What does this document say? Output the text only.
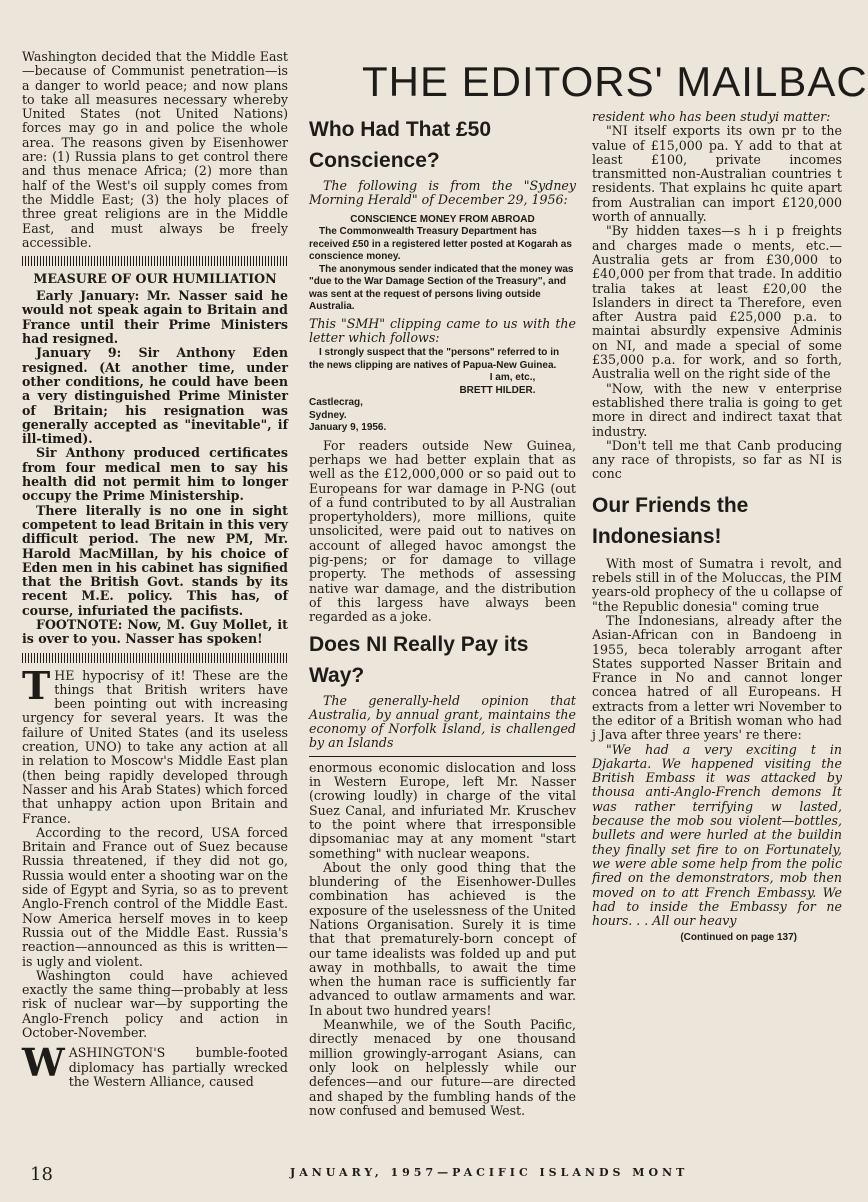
18
THE EDITORS' MAILBAC

Washington decided that the Middle East—because of Communist penetration—is a danger to world peace; and now plans to take all measures necessary whereby United States (not United Nations) forces may go in and police the whole area. The reasons given by Eisenhower are: (1) Russia plans to get control there and thus menace Africa; (2) more than half of the West's oil supply comes from the Middle East; (3) the holy places of three great religions are in the Middle East, and must always be freely accessible.

MEASURE OF OUR HUMILIATION

Early January: Mr. Nasser said he would not speak again to Britain and France until their Prime Ministers had resigned.

January 9: Sir Anthony Eden resigned. (At another time, under other conditions, he could have been a very distinguished Prime Minister of Britain; his resignation was generally accepted as "inevitable", if ill-timed).

Sir Anthony produced certificates from four medical men to say his health did not permit him to longer occupy the Prime Ministership.

There literally is no one in sight competent to lead Britain in this very difficult period. The new PM, Mr. Harold MacMillan, by his choice of Eden men in his cabinet has signified that the British Govt. stands by its recent M.E. policy. This has, of course, infuriated the pacifists.

FOOTNOTE: Now, M. Guy Mollet, it is over to you. Nasser has spoken!

THE hypocrisy of it! These are the things that British writers have been pointing out with increasing urgency for several years. It was the failure of United States (and its useless creation, UNO) to take any action at all in relation to Moscow's Middle East plan (then being rapidly developed through Nasser and his Arab States) which forced that unhappy action upon Britain and France.

According to the record, USA forced Britain and France out of Suez because Russia threatened, if they did not go, Russia would enter a shooting war on the side of Egypt and Syria, so as to prevent Anglo-French control of the Middle East. Now America herself moves in to keep Russia out of the Middle East. Russia's reaction—announced as this is written—is ugly and violent.

Washington could have achieved exactly the same thing—probably at less risk of nuclear war—by supporting the Anglo-French policy and action in October-November.

WASHINGTON'S bumble-footed diplomacy has partially wrecked the Western Alliance, caused

Who Had That £50 Conscience?

The following is from the "Sydney Morning Herald" of December 29, 1956:

CONSCIENCE MONEY FROM ABROAD
The Commonwealth Treasury Department has received £50 in a registered letter posted at Kogarah as conscience money.
The anonymous sender indicated that the money was "due to the War Damage Section of the Treasury", and was sent at the request of persons living outside Australia.

This "SMH" clipping came to us with the letter which follows:

I strongly suspect that the "persons" referred to in the news clipping are natives of Papua-New Guinea.
I am, etc.,
BRETT HILDER.
Castlecrag,
Sydney.
January 9, 1956.

For readers outside New Guinea, perhaps we had better explain that as well as the £12,000,000 or so paid out to Europeans for war damage in P-NG (out of a fund contributed to by all Australian propertyholders), more millions, quite unsolicited, were paid out to natives on account of alleged havoc amongst the pig-pens; or for damage to village property. The methods of assessing native war damage, and the distribution of this largess have always been regarded as a joke.

Does NI Really Pay its Way?

The generally-held opinion that Australia, by annual grant, maintains the economy of Norfolk Island, is challenged by an Islands

enormous economic dislocation and loss in Western Europe, left Mr. Nasser (crowing loudly) in charge of the vital Suez Canal, and infuriated Mr. Kruschev to the point where that irresponsible dipsomaniac may at any moment "start something" with nuclear weapons.

About the only good thing that the blundering of the Eisenhower-Dulles combination has achieved is the exposure of the uselessness of the United Nations Organisation. Surely it is time that that prematurely-born concept of our tame idealists was folded up and put away in mothballs, to await the time when the human race is sufficiently far advanced to outlaw armaments and war. In about two hundred years!

Meanwhile, we of the South Pacific, directly menaced by one thousand million growingly-arrogant Asians, can only look on helplessly while our defences—and our future—are directed and shaped by the fumbling hands of the now confused and bemused West.

resident who has been studyi matter:

"NI itself exports its own pr to the value of £15,000 pa. Y add to that at least £100, private incomes transmitted non-Australian countries t residents. That explains hc quite apart from Australian can import £120,000 worth of annually.

"By hidden taxes—s h i p freights and charges made o ments, etc.—Australia gets ar from £30,000 to £40,000 per from that trade. In additio tralia takes at least £20,00 the Islanders in direct ta Therefore, even after Austra paid £25,000 p.a. to maintai absurdly expensive Adminis on NI, and made a special of some £35,000 p.a. for work, and so forth, Australia well on the right side of the

"Now, with the new v enterprise established there tralia is going to get more in direct and indirect taxat that industry.

"Don't tell me that Canb producing any race of thropists, so far as NI is conc

Our Friends the Indonesians!

With most of Sumatra i revolt, and rebels still in of the Moluccas, the PIM years-old prophecy of the u collapse of "the Republic donesia" coming true

The Indonesians, already after the Asian-African con in Bandoeng in 1955, beca tolerably arrogant after States supported Nasser Britain and France in No and cannot longer concea hatred of all Europeans. H extracts from a letter wri November to the editor of a British woman who had j Java after three years' re there:

"We had a very exciting t in Djakarta. We happened visiting the British Embass it was attacked by thousa anti-Anglo-French demons It was rather terrifying w lasted, because the mob sou violent—bottles, bullets and were hurled at the buildin they finally set fire to on Fortunately, we were able some help from the polic fired on the demonstrators, mob then moved on to att French Embassy. We had to inside the Embassy for ne hours. . . All our heavy

(Continued on page 137)
JANUARY, 1957—PACIFIC ISLANDS MONT
